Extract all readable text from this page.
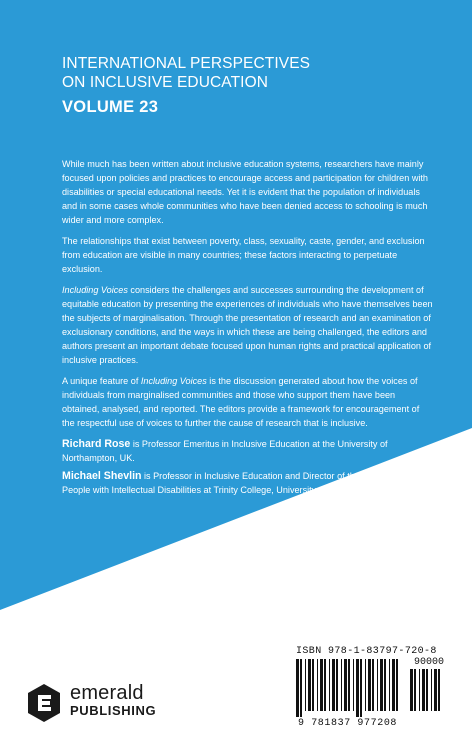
INTERNATIONAL PERSPECTIVES
ON INCLUSIVE EDUCATION
VOLUME 23

While much has been written about inclusive education systems, researchers have mainly focused upon policies and practices to encourage access and participation for children with disabilities or special educational needs. Yet it is evident that the population of individuals and in some cases whole communities who have been denied access to schooling is much wider and more complex.

The relationships that exist between poverty, class, sexuality, caste, gender, and exclusion from education are visible in many countries; these factors interacting to perpetuate exclusion.

Including Voices considers the challenges and successes surrounding the development of equitable education by presenting the experiences of individuals who have themselves been the subjects of marginalisation. Through the presentation of research and an examination of exclusionary conditions, and the ways in which these are being challenged, the editors and authors present an important debate focused upon human rights and practical application of inclusive practices.

A unique feature of Including Voices is the discussion generated about how the voices of individuals from marginalised communities and those who support them have been obtained, analysed, and reported. The editors provide a framework for encouragement of the respectful use of voices to further the cause of research that is inclusive.

Richard Rose is Professor Emeritus in Inclusive Education at the University of Northampton, UK.

Michael Shevlin is Professor in Inclusive Education and Director of the Trinity Centre for People with Intellectual Disabilities at Trinity College, University of Dublin, Ireland.

ISBN 978-1-83797-720-8
90000
9 781837 977208
emerald
PUBLISHING
